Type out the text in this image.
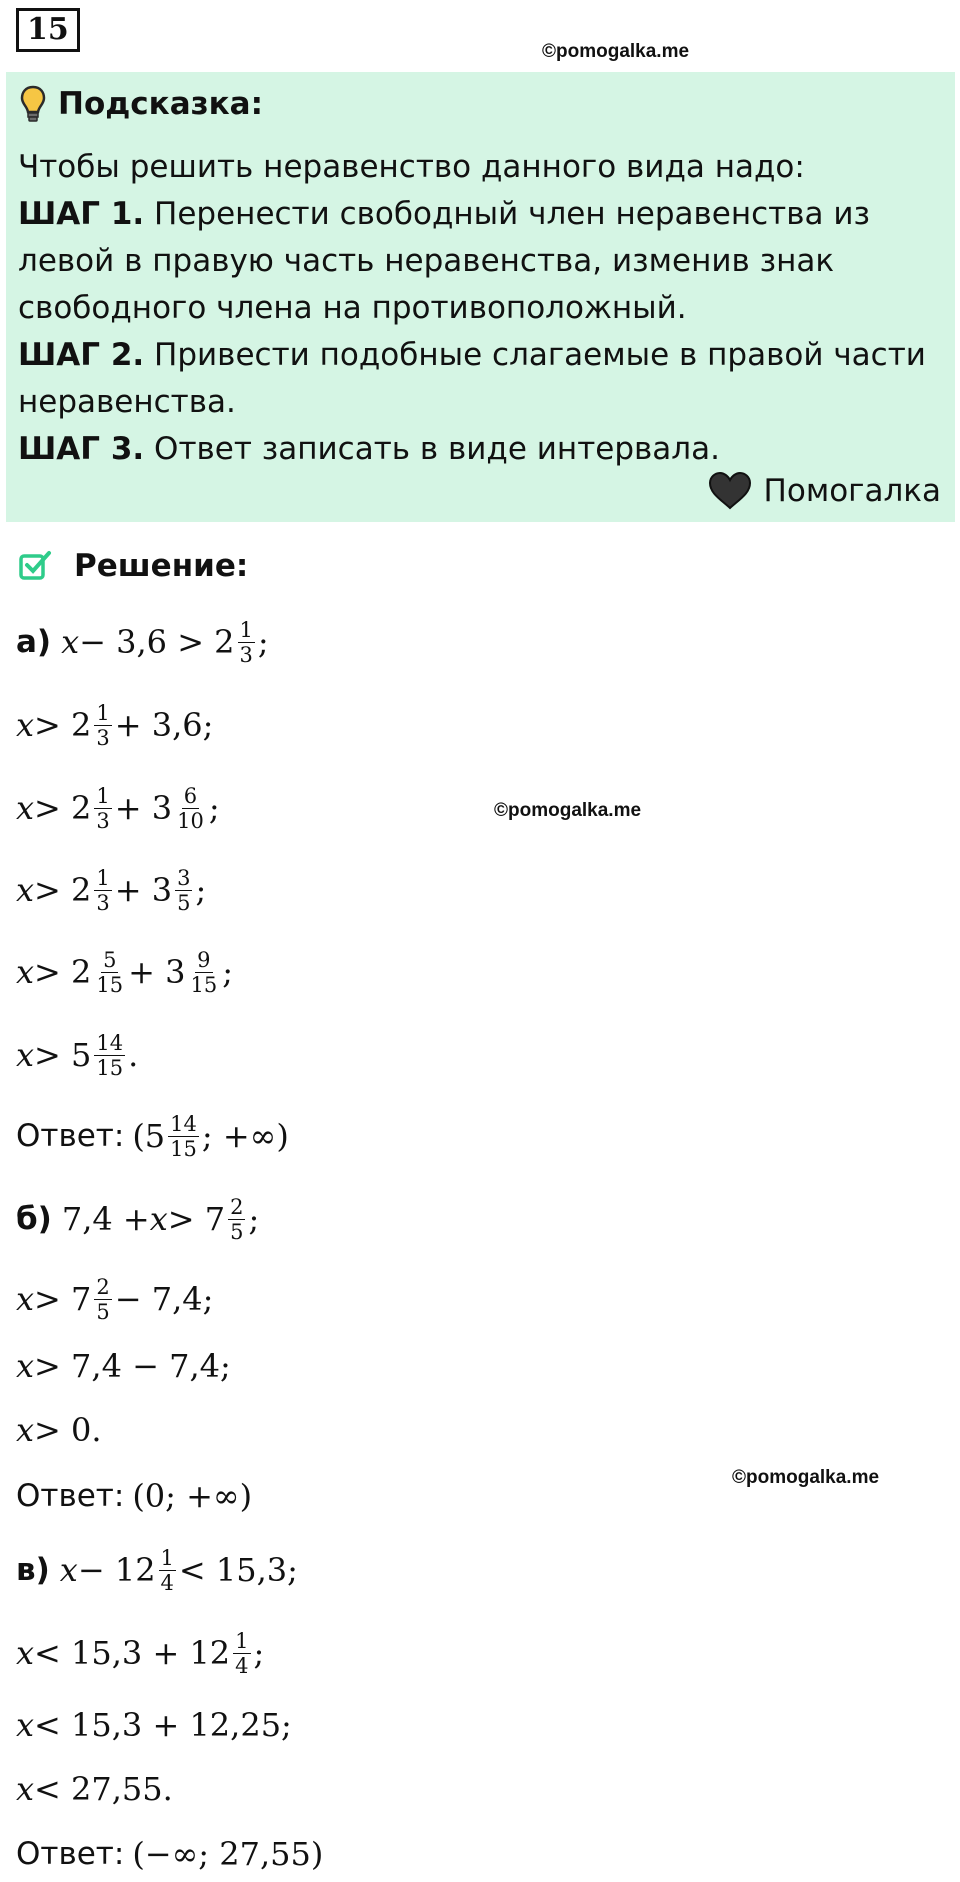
15
©pomogalka.me
Подсказка:

Чтобы решить неравенство данного вида надо:

ШАГ 1. Перенести свободный член неравенства из левой в правую часть неравенства, изменив знак свободного члена на противоположный.

ШАГ 2. Привести подобные слагаемые в правой части неравенства.

ШАГ 3. Ответ записать в виде интервала.

Помогалка
Решение:
а) $x - 3,6 > 2 \frac{1}{3}$ ;
$x > 2 \frac{1}{3} + 3,6$;
$x > 2 \frac{1}{3} + 3 \frac{6}{10}$ ;	©pomogalka.me
$x > 2 \frac{1}{3} + 3 \frac{3}{5}$ ;
$x > 2 \frac{5}{15} + 3 \frac{9}{15}$ ;
$x > 5 \frac{14}{15}$ .
Ответ: ($5 \frac{14}{15}$ ; +∞)
б) $7,4 + x > 7 \frac{2}{5}$ ;
$x > 7 \frac{2}{5} - 7,4$;
x > 7,4 − 7,4;
x > 0.
©pomogalka.me
Ответ: (0; +∞)
в) $x - 12 \frac{1}{4} < 15,3$;
$x < 15,3 + 12 \frac{1}{4}$ ;
x < 15,3 + 12,25;
x < 27,55.
Ответ: (−∞; 27,55)
